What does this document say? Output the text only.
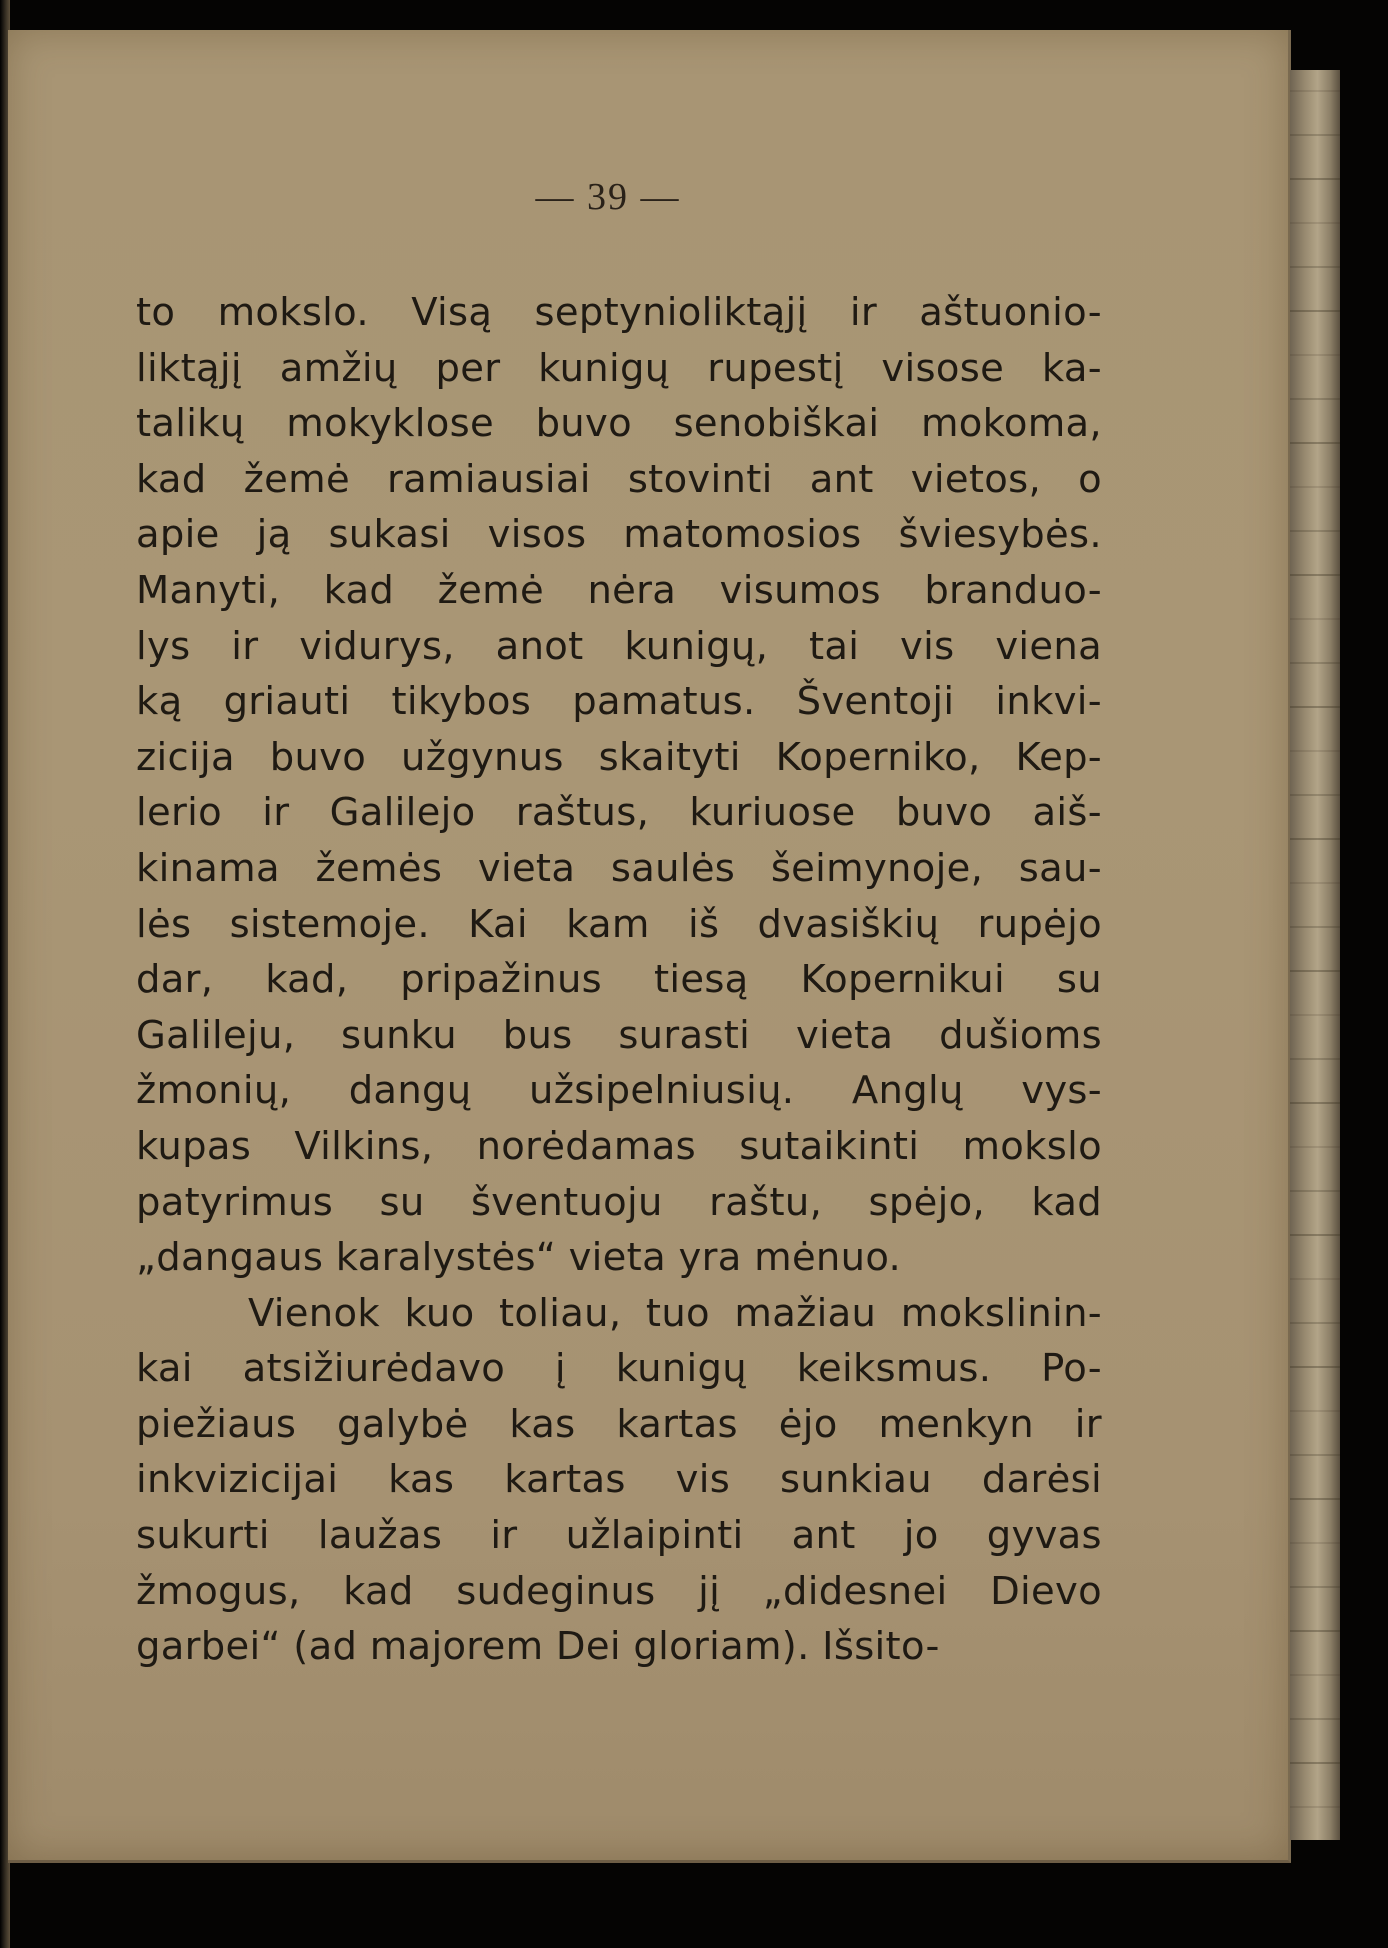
— 39 —
to mokslo. Visą septynioliktąjį ir aštuonio-
liktąjį amžių per kunigų rupestį visose ka-
talikų mokyklose buvo senobiškai mokoma,
kad žemė ramiausiai stovinti ant vietos, o
apie ją sukasi visos matomosios šviesybės.
Manyti, kad žemė nėra visumos branduo-
lys ir vidurys, anot kunigų, tai vis viena
ką griauti tikybos pamatus. Šventoji inkvi-
zicija buvo užgynus skaityti Koperniko, Kep-
lerio ir Galilejo raštus, kuriuose buvo aiš-
kinama žemės vieta saulės šeimynoje, sau-
lės sistemoje. Kai kam iš dvasiškių rupėjo
dar, kad, pripažinus tiesą Kopernikui su
Galileju, sunku bus surasti vieta dušioms
žmonių, dangų užsipelniusių. Anglų vys-
kupas Vilkins, norėdamas sutaikinti mokslo
patyrimus su šventuoju raštu, spėjo, kad
„dangaus karalystės“ vieta yra mėnuo.
Vienok kuo toliau, tuo mažiau mokslinin-
kai atsižiurėdavo į kunigų keiksmus. Po-
piežiaus galybė kas kartas ėjo menkyn ir
inkvizicijai kas kartas vis sunkiau darėsi
sukurti laužas ir užlaipinti ant jo gyvas
žmogus, kad sudeginus jį „didesnei Dievo
garbei“ (ad majorem Dei gloriam). Išsito-
